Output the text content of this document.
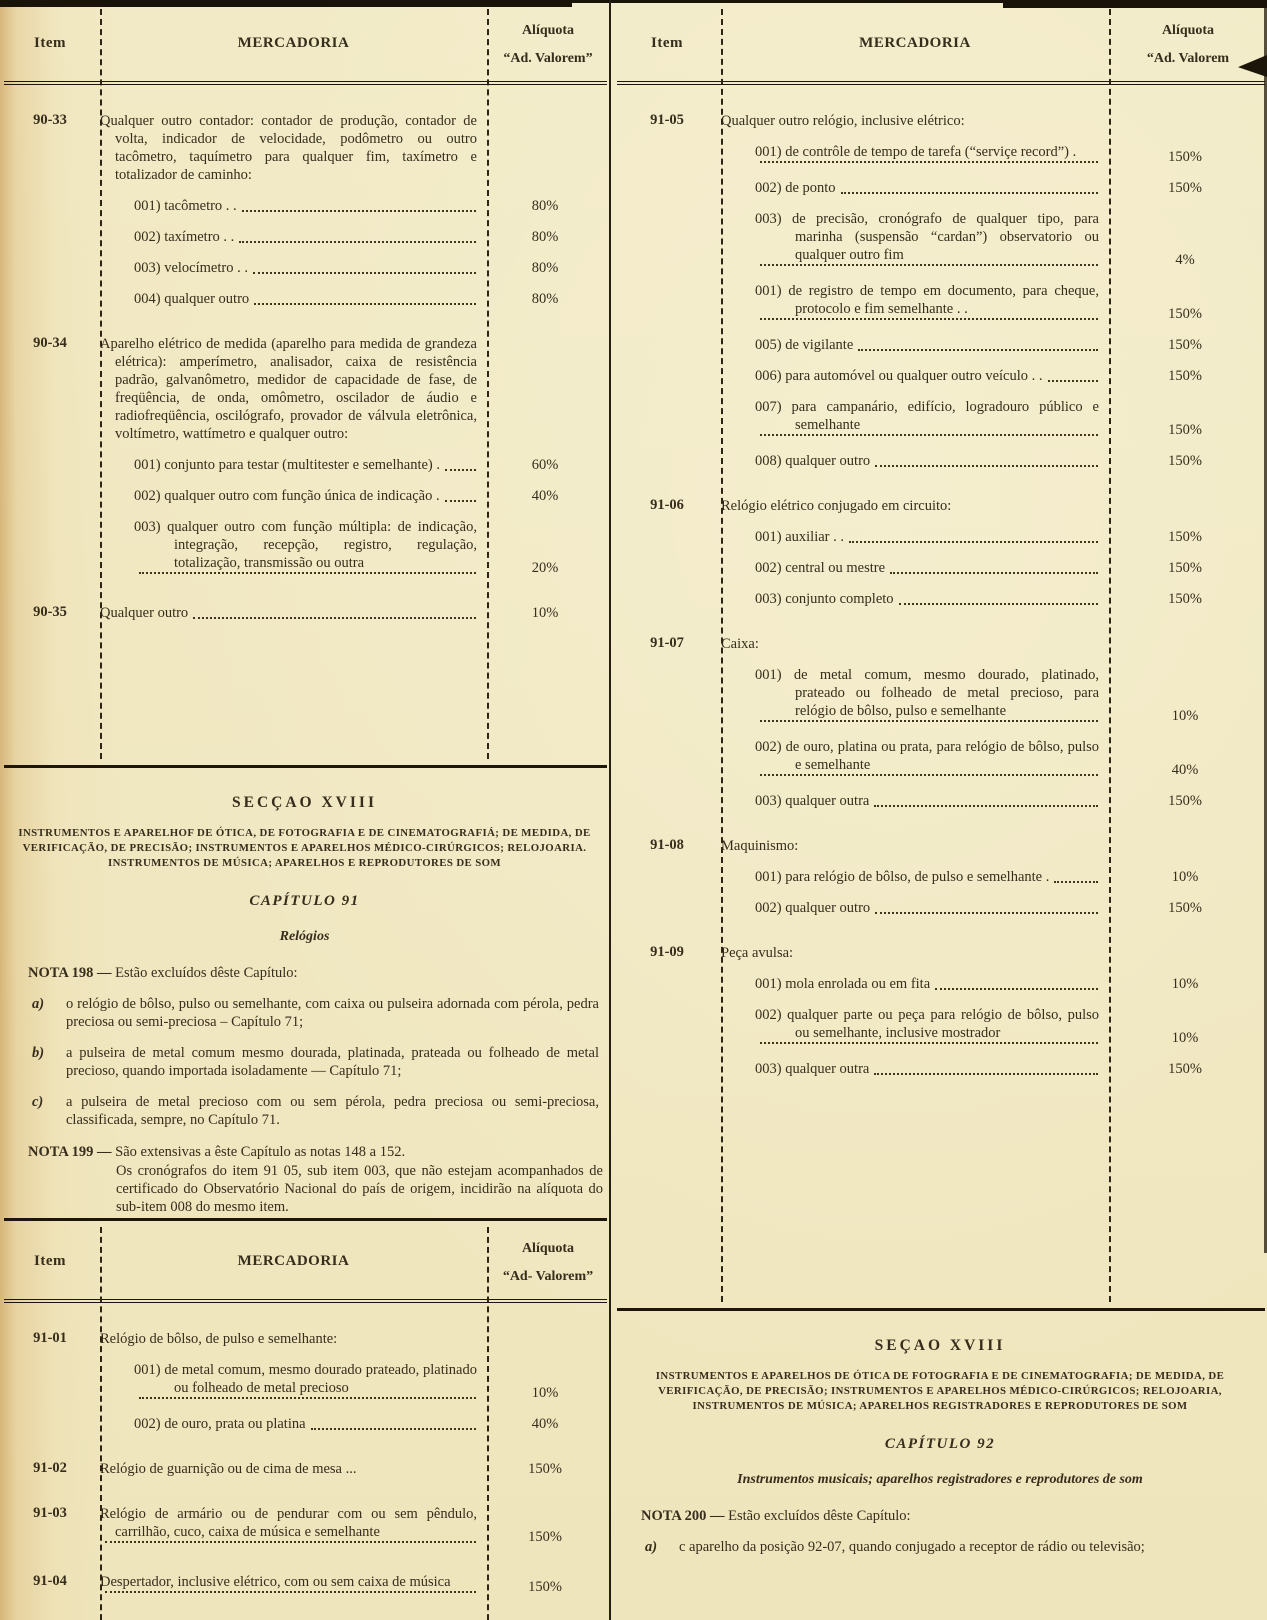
Item	MERCADORIA
Alíquota
“Ad. Valorem”
90-33	Qualquer outro contador: contador de produção, contador de volta, indicador de velocidade, podômetro ou outro tacômetro, taquímetro para qualquer fim, taxímetro e totalizador de caminho:
001) tacômetro . .	80%
002) taxímetro . .	80%
003) velocímetro . .	80%
004) qualquer outro	80%
90-34	Aparelho elétrico de medida (aparelho para medida de grandeza elétrica): amperímetro, analisador, caixa de resistência padrão, galvanômetro, medidor de capacidade de fase, de freqüência, de onda, omômetro, oscilador de áudio e radiofreqüência, oscilógrafo, provador de válvula eletrônica, voltímetro, wattímetro e qualquer outro:
001) conjunto para testar (multitester e semelhante) .	60%
002) qualquer outro com função única de indicação .	40%
003) qualquer outro com função múltipla: de indicação, integração, recepção, registro, regulação, totalização, transmissão ou outra	20%
90-35	Qualquer outro	10%
SECÇAO XVIII
INSTRUMENTOS E APARELHOF DE ÓTICA, DE FOTOGRAFIA E DE CINEMATOGRAFIÁ; DE MEDIDA, DE VERIFICAÇÃO, DE PRECISÃO; INSTRUMENTOS E APARELHOS MÉDICO-CIRÚRGICOS; RELOJOARIA. INSTRUMENTOS DE MÚSICA; APARELHOS E REPRODUTORES DE SOM
CAPÍTULO 91
Relógios
NOTA 198 — Estão excluídos dêste Capítulo:
a)	o relógio de bôlso, pulso ou semelhante, com caixa ou pulseira adornada com pérola, pedra preciosa ou semi-preciosa – Capítulo 71;
b)	a pulseira de metal comum mesmo dourada, platinada, prateada ou folheado de metal precioso, quando importada isoladamente — Capítulo 71;
c)	a pulseira de metal precioso com ou sem pérola, pedra preciosa ou semi-preciosa, classificada, sempre, no Capítulo 71.
NOTA 199 — São extensivas a êste Capítulo as notas 148 a 152.
Os cronógrafos do item 91 05, sub item 003, que não estejam acompanhados de certificado do Observatório Nacional do país de origem, incidirão na alíquota do sub-item 008 do mesmo item.
Item	MERCADORIA
Alíquota
“Ad- Valorem”
91-01	Relógio de bôlso, de pulso e semelhante:
001) de metal comum, mesmo dourado prateado, platinado ou folheado de metal precioso	10%
002) de ouro, prata ou platina	40%
91-02	Relógio de guarnição ou de cima de mesa ...	150%
91-03	Relógio de armário ou de pendurar com ou sem pêndulo, carrilhão, cuco, caixa de música e semelhante	150%
91-04	Despertador, inclusive elétrico, com ou sem caixa de música	150%
Item	MERCADORIA
Alíquota
“Ad. Valorem
91-05	Qualquer outro relógio, inclusive elétrico:
001) de contrôle de tempo de tarefa (“serviçe record”) .	150%
002) de ponto	150%
003) de precisão, cronógrafo de qualquer tipo, para marinha (suspensão “cardan”) observatorio ou qualquer outro fim	4%
001) de registro de tempo em documento, para cheque, protocolo e fim semelhante . .	150%
005) de vigilante	150%
006) para automóvel ou qualquer outro veículo . .	150%
007) para campanário, edifício, logradouro público e semelhante	150%
008) qualquer outro	150%
91-06	Relógio elétrico conjugado em circuito:
001) auxiliar . .	150%
002) central ou mestre	150%
003) conjunto completo	150%
91-07	Caixa:
001) de metal comum, mesmo dourado, platinado, prateado ou folheado de metal precioso, para relógio de bôlso, pulso e semelhante	10%
002) de ouro, platina ou prata, para relógio de bôlso, pulso e semelhante	40%
003) qualquer outra	150%
91-08	Maquinismo:
001) para relógio de bôlso, de pulso e semelhante .	10%
002) qualquer outro	150%
91-09	Peça avulsa:
001) mola enrolada ou em fita	10%
002) qualquer parte ou peça para relógio de bôlso, pulso ou semelhante, inclusive mostrador	10%
003) qualquer outra	150%
SEÇAO XVIII
INSTRUMENTOS E APARELHOS DE ÓTICA DE FOTOGRAFIA E DE CINEMATOGRAFIA; DE MEDIDA, DE VERIFICAÇÃO, DE PRECISÃO; INSTRUMENTOS E APARELHOS MÉDICO-CIRÚRGICOS; RELOJOARIA, INSTRUMENTOS DE MÚSICA; APARELHOS REGISTRADORES E REPRODUTORES DE SOM
CAPÍTULO 92
Instrumentos musicais; aparelhos registradores e reprodutores de som
NOTA 200 — Estão excluídos dêste Capítulo:
a)	c aparelho da posição 92-07, quando conjugado a receptor de rádio ou televisão;
